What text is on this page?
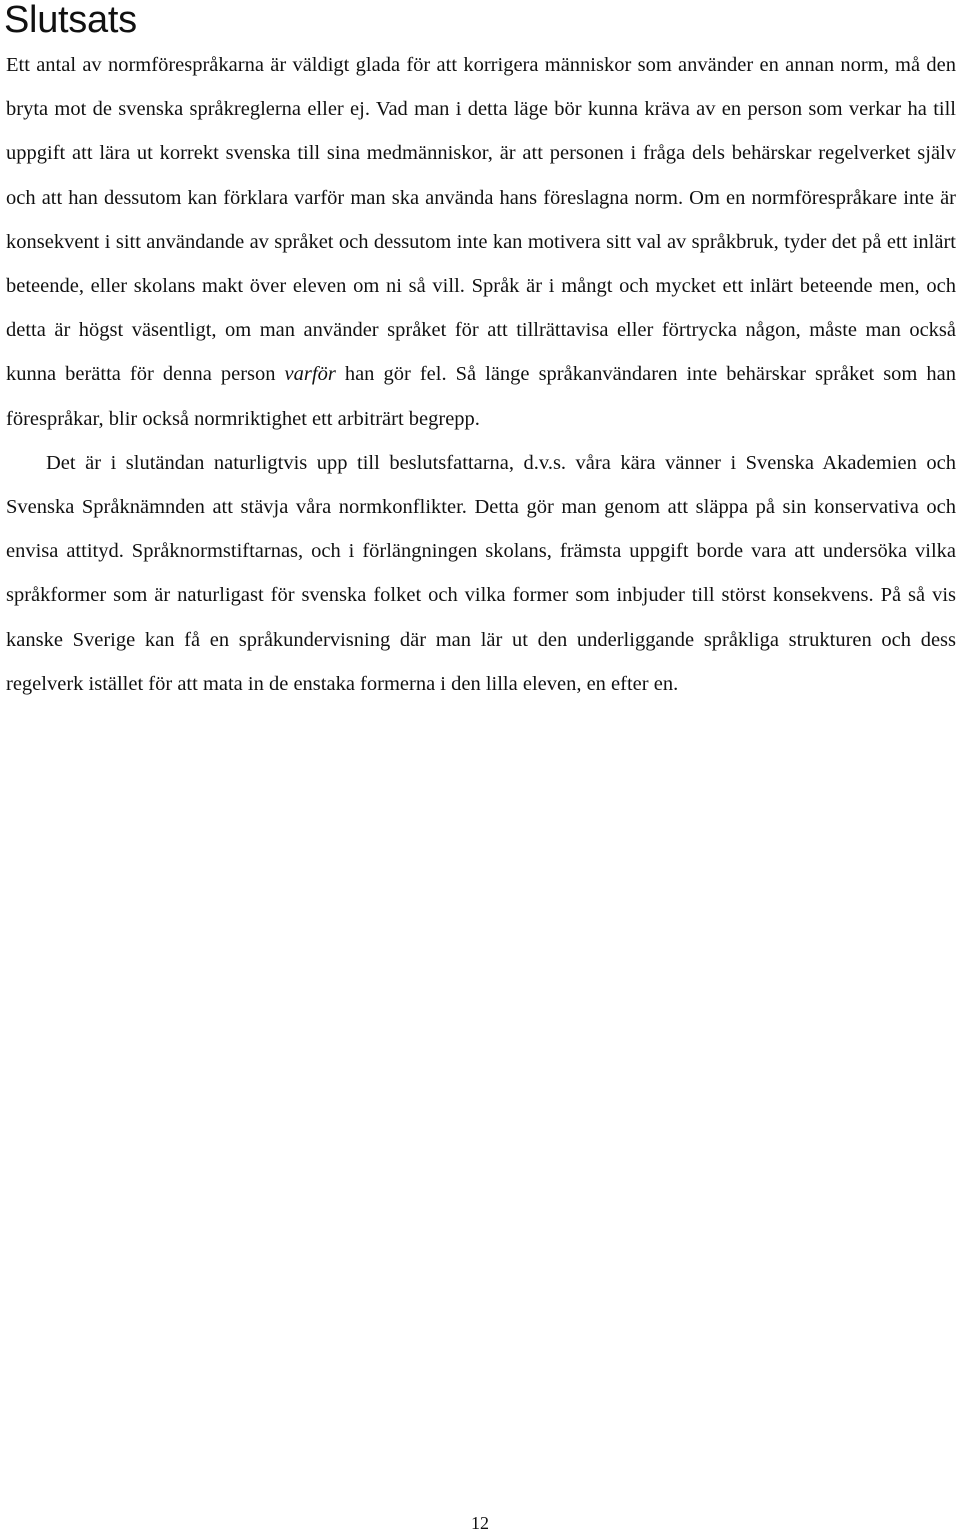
Slutsats

Ett antal av normförespråkarna är väldigt glada för att korrigera människor som använder en annan norm, må den bryta mot de svenska språkreglerna eller ej. Vad man i detta läge bör kunna kräva av en person som verkar ha till uppgift att lära ut korrekt svenska till sina medmänniskor, är att personen i fråga dels behärskar regelverket själv och att han dessutom kan förklara varför man ska använda hans föreslagna norm. Om en normförespråkare inte är konsekvent i sitt användande av språket och dessutom inte kan motivera sitt val av språkbruk, tyder det på ett inlärt beteende, eller skolans makt över eleven om ni så vill. Språk är i mångt och mycket ett inlärt beteende men, och detta är högst väsentligt, om man använder språket för att tillrättavisa eller förtrycka någon, måste man också kunna berätta för denna person varför han gör fel. Så länge språkanvändaren inte behärskar språket som han förespråkar, blir också normriktighet ett arbiträrt begrepp.

Det är i slutändan naturligtvis upp till beslutsfattarna, d.v.s. våra kära vänner i Svenska Akademien och Svenska Språknämnden att stävja våra normkonflikter. Detta gör man genom att släppa på sin konservativa och envisa attityd. Språknormstiftarnas, och i förlängningen skolans, främsta uppgift borde vara att undersöka vilka språkformer som är naturligast för svenska folket och vilka former som inbjuder till störst konsekvens. På så vis kanske Sverige kan få en språkundervisning där man lär ut den underliggande språkliga strukturen och dess regelverk istället för att mata in de enstaka formerna i den lilla eleven, en efter en.

12
